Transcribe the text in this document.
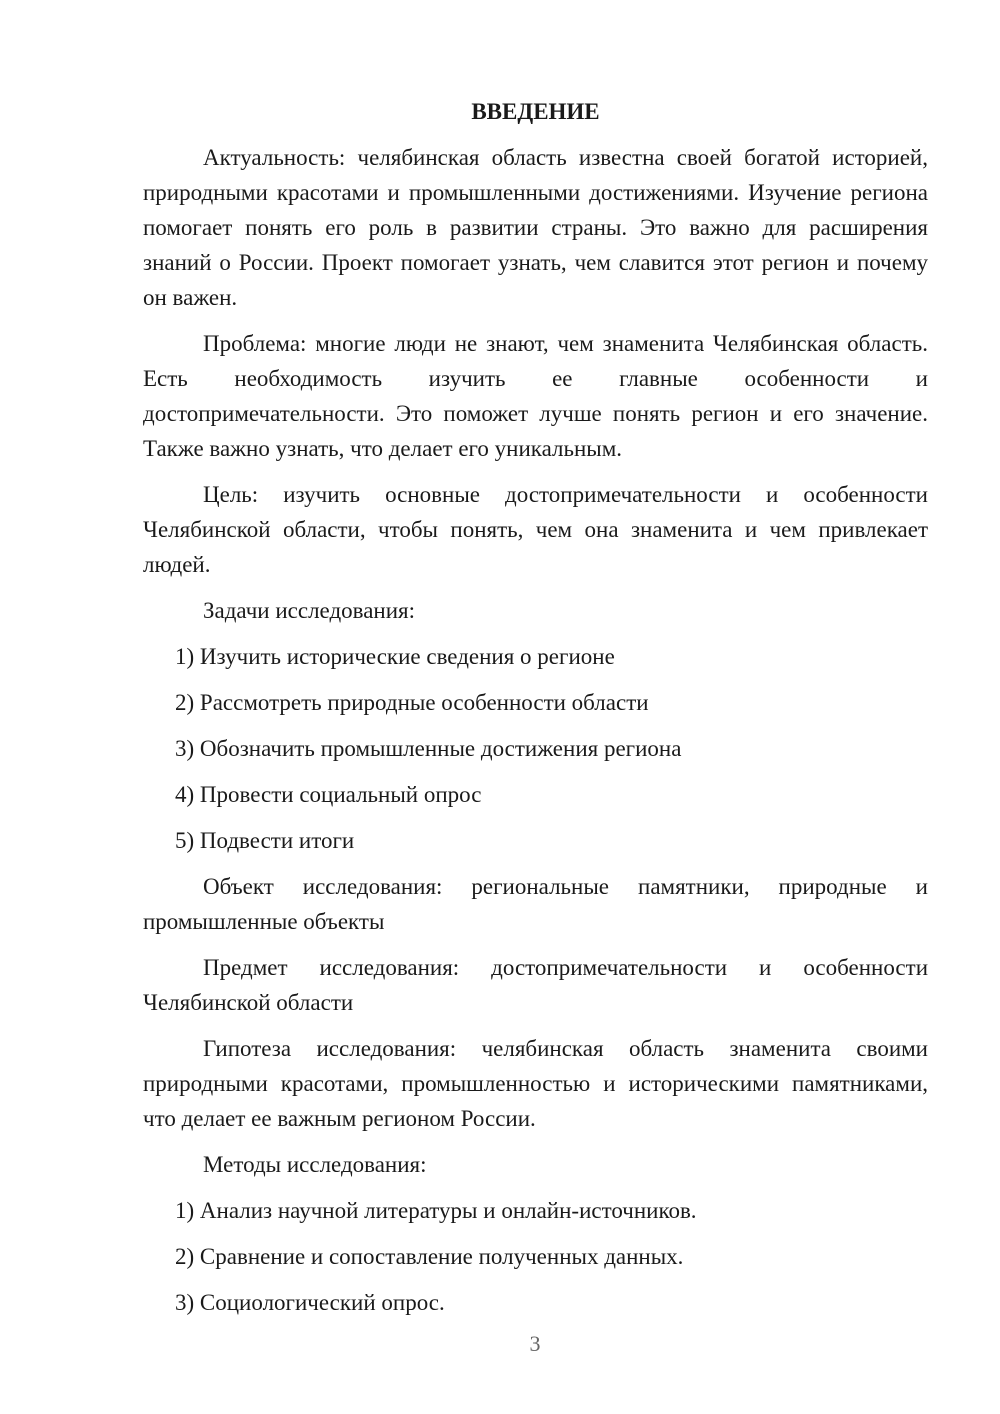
ВВЕДЕНИЕ

Актуальность: челябинская область известна своей богатой историей, природными красотами и промышленными достижениями. Изучение региона помогает понять его роль в развитии страны. Это важно для расширения знаний о России. Проект помогает узнать, чем славится этот регион и почему он важен.

Проблема: многие люди не знают, чем знаменита Челябинская область. Есть необходимость изучить ее главные особенности и достопримечательности. Это поможет лучше понять регион и его значение. Также важно узнать, что делает его уникальным.

Цель: изучить основные достопримечательности и особенности Челябинской области, чтобы понять, чем она знаменита и чем привлекает людей.

Задачи исследования:

1) Изучить исторические сведения о регионе

2) Рассмотреть природные особенности области

3) Обозначить промышленные достижения региона

4) Провести социальный опрос

5) Подвести итоги

Объект исследования: региональные памятники, природные и промышленные объекты

Предмет исследования: достопримечательности и особенности Челябинской области

Гипотеза исследования: челябинская область знаменита своими природными красотами, промышленностью и историческими памятниками, что делает ее важным регионом России.

Методы исследования:

1) Анализ научной литературы и онлайн-источников.

2) Сравнение и сопоставление полученных данных.

3) Социологический опрос.

3
